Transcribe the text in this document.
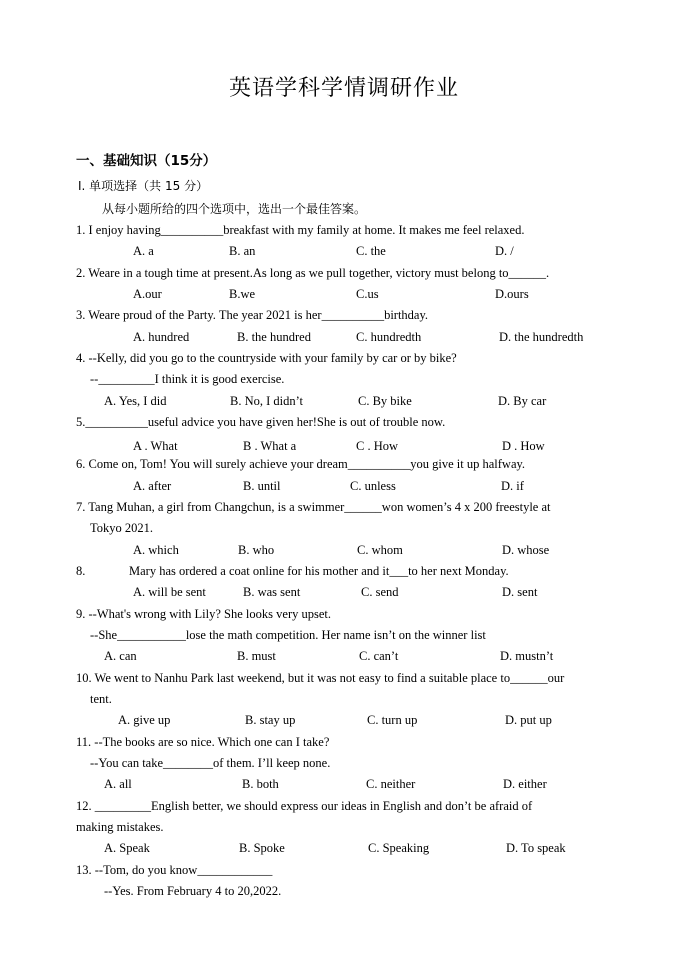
英语学科学情调研作业
一、基础知识（15分）
Ⅰ. 单项选择（共 15 分）
从每小题所给的四个选项中，选出一个最佳答案。
1. I enjoy having__________breakfast with my family at home. It makes me feel relaxed.
A. a	B. an	C. the	D. /
2. Weare in a tough time at present.As long as we pull together, victory must belong to______.
A.our	B.we	C.us	D.ours
3. Weare proud of the Party. The year 2021 is her__________birthday.
A. hundred	B. the hundred	C. hundredth	D. the hundredth
4. --Kelly, did you go to the countryside with your family by car or by bike?
--_________I think it is good exercise.
A. Yes, I did	B. No, I didn’t	C. By bike	D. By car
5.__________useful advice you have given her!She is out of trouble now.
A . What	B . What a	C . How	D . How
6. Come on, Tom! You will surely achieve your dream__________you give it up halfway.
A. after	B. until	C. unless	D. if
7. Tang Muhan, a girl from Changchun, is a swimmer______won women’s 4 x 200 freestyle at
Tokyo 2021.
A. which	B. who	C. whom	D. whose
8.	Mary has ordered a coat online for his mother and it___to her next Monday.
A. will be sent	B. was sent	C. send	D. sent
9. --What's wrong with Lily? She looks very upset.
--She___________lose the math competition. Her name isn’t on the winner list
A. can	B. must	C. can’t	D. mustn’t
10. We went to Nanhu Park last weekend, but it was not easy to find a suitable place to______our
tent.
A. give up	B. stay up	C. turn up	D. put up
11. --The books are so nice. Which one can I take?
--You can take________of them. I’ll keep none.
A. all	B. both	C. neither	D. either
12. _________English better, we should express our ideas in English and don’t be afraid of
making mistakes.
A. Speak	B. Spoke	C. Speaking	D. To speak
13. --Tom, do you know____________
--Yes. From February 4 to 20,2022.
